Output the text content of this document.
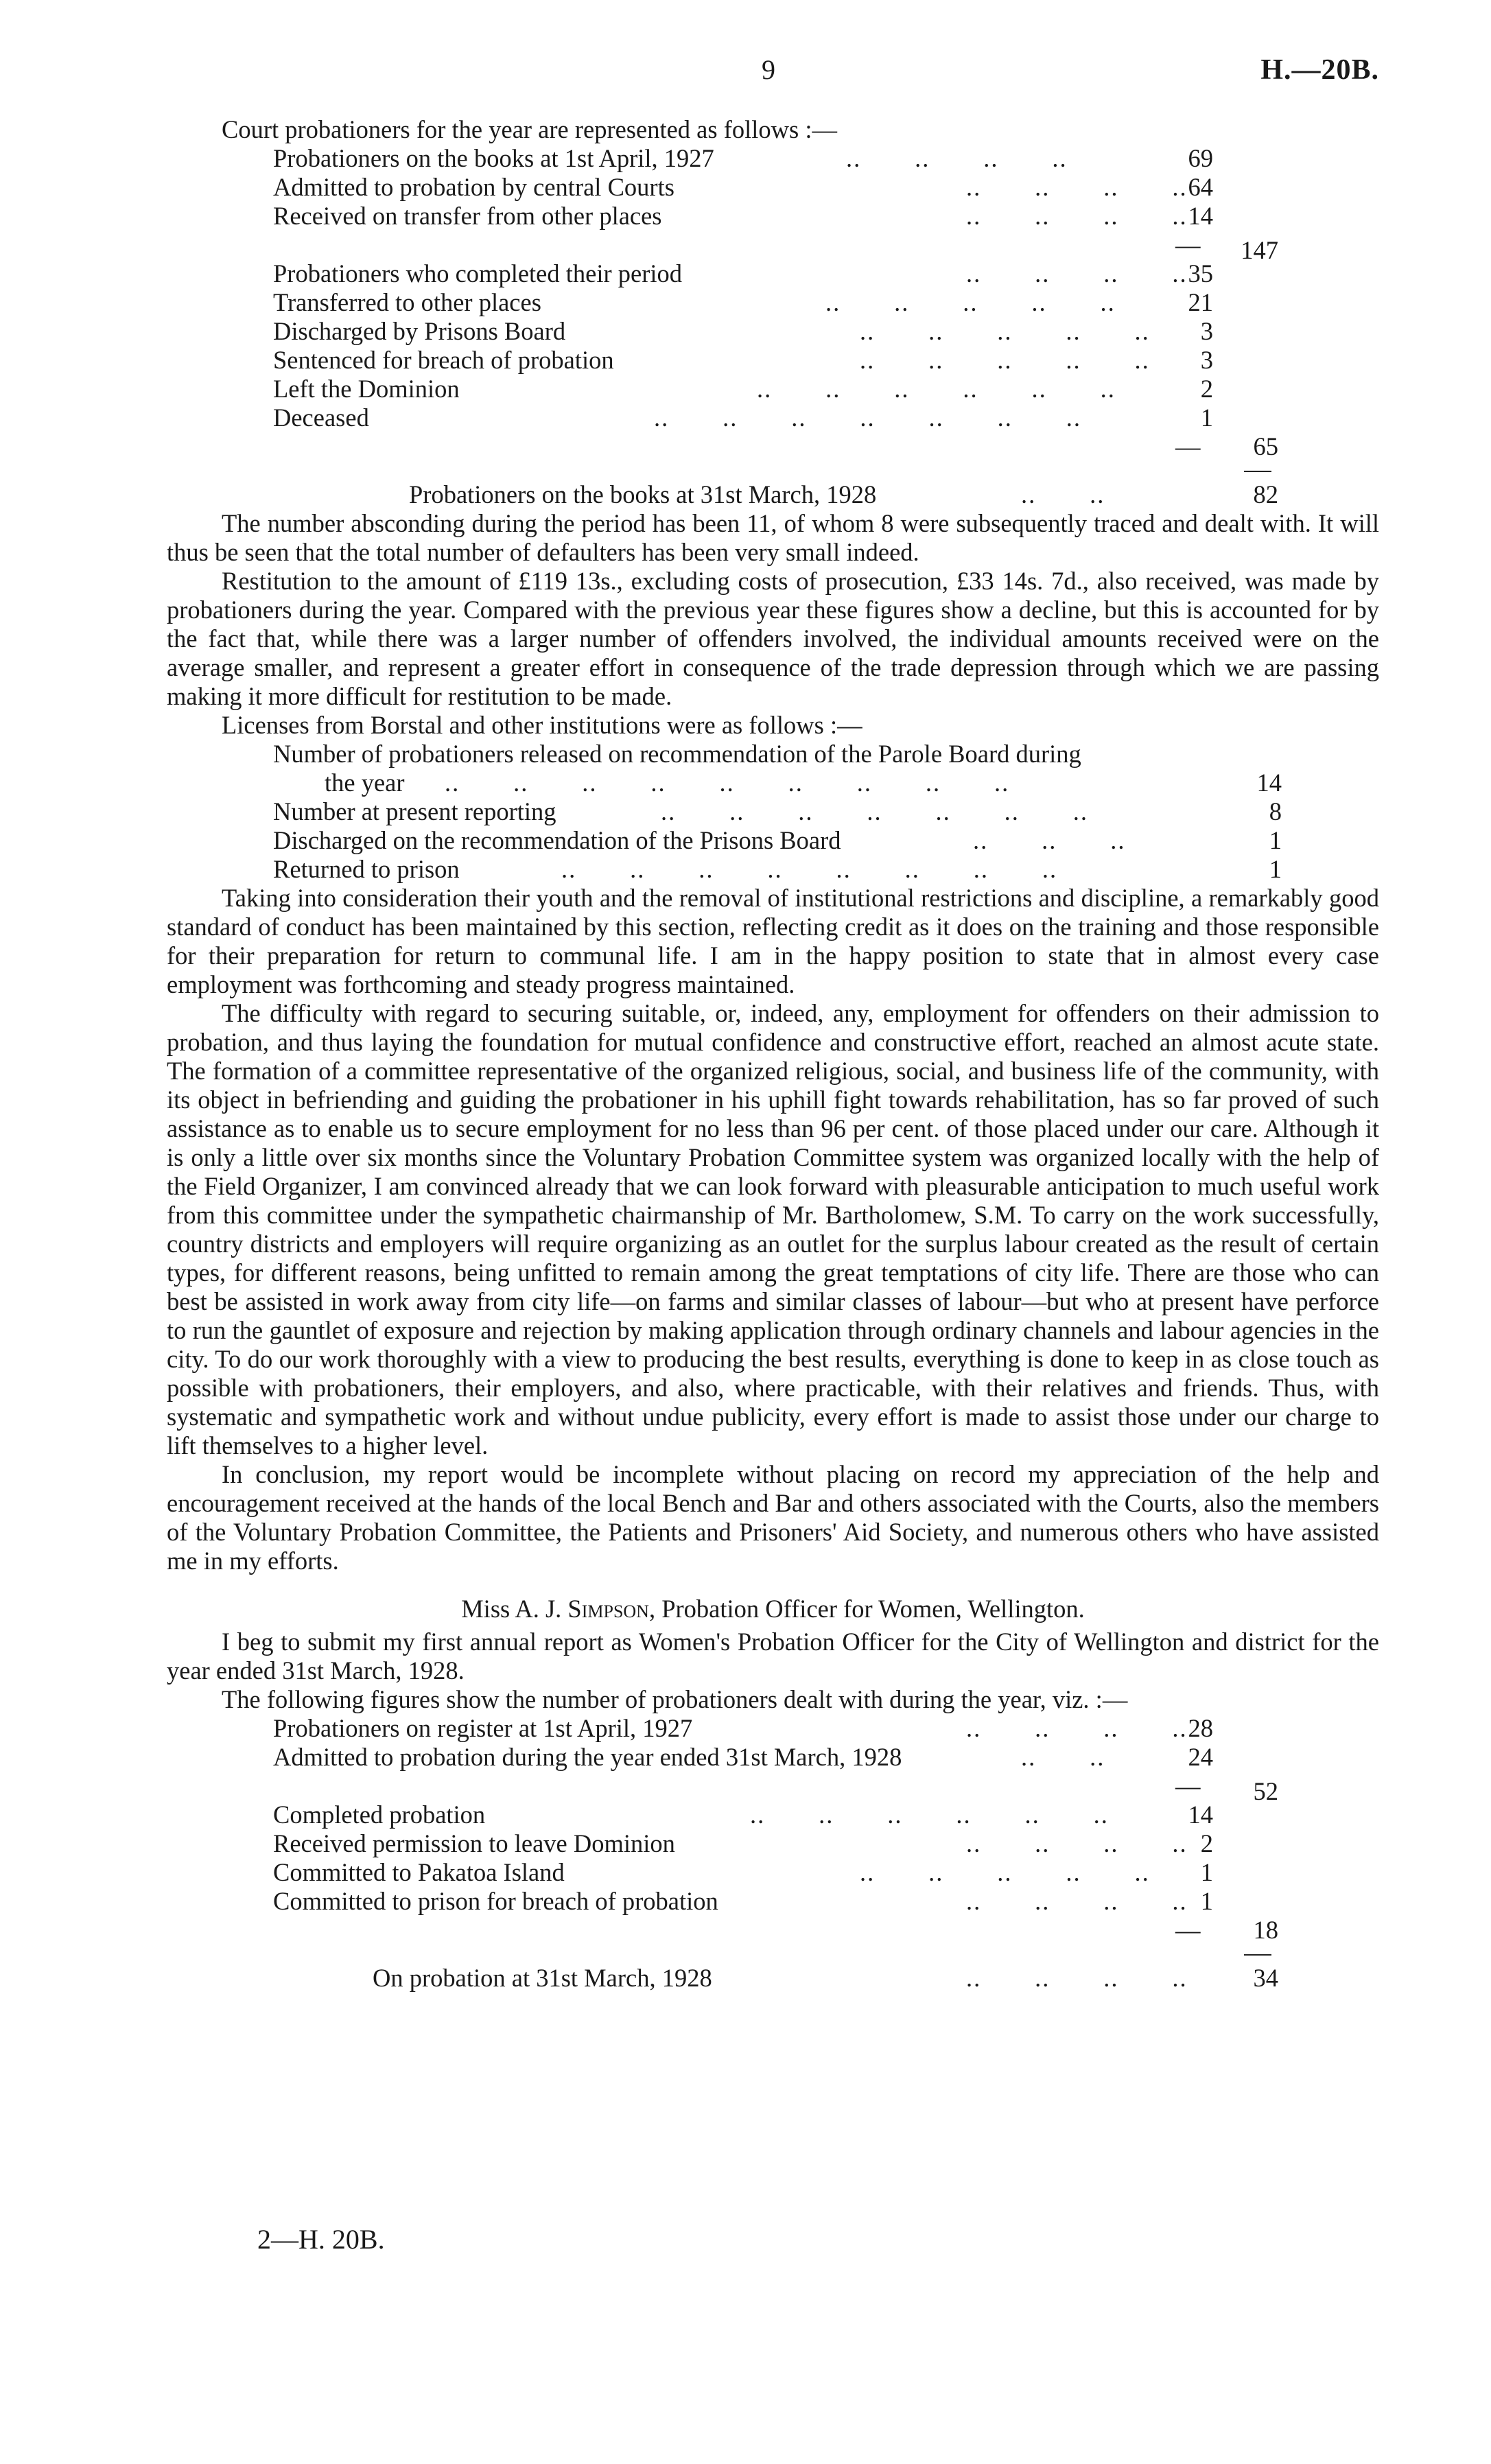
9	H.—20B.
Court probationers for the year are represented as follows :—
Probationers on the books at 1st April, 1927	..       ..       ..       ..	69
Admitted to probation by central Courts	..       ..       ..       .. 64
Received on transfer from other places	..       ..       ..       .. 14
—	147
Probationers who completed their period	..       ..       ..       .. 35
Transferred to other places	..       ..       ..       ..       ..	21
Discharged by Prisons Board	..       ..       ..       ..       ..	3
Sentenced for breach of probation	..       ..       ..       ..       ..	3
Left the Dominion	..       ..       ..       ..       ..       ..	2
Deceased	..       ..       ..       ..       ..       ..       ..	1
—	65
Probationers on the books at 31st March, 1928	..       ..	82

The number absconding during the period has been 11, of whom 8 were subsequently traced and dealt with. It will thus be seen that the total number of defaulters has been very small indeed.

Restitution to the amount of £119 13s., excluding costs of prosecution, £33 14s. 7d., also received, was made by probationers during the year. Compared with the previous year these figures show a decline, but this is accounted for by the fact that, while there was a larger number of offenders involved, the individual amounts received were on the average smaller, and represent a greater effort in consequence of the trade depression through which we are passing making it more difficult for restitution to be made.

Licenses from Borstal and other institutions were as follows :—
Number of probationers released on recommendation of the Parole Board during
the year ..       ..       ..       ..       ..       ..       ..       ..       ..	14
Number at present reporting	..       ..       ..       ..       ..       ..       ..	8
Discharged on the recommendation of the Prisons Board	..       ..       ..	1
Returned to prison	..       ..       ..       ..       ..       ..       ..       ..	1

Taking into consideration their youth and the removal of institutional restrictions and discipline, a remarkably good standard of conduct has been maintained by this section, reflecting credit as it does on the training and those responsible for their preparation for return to communal life. I am in the happy position to state that in almost every case employment was forthcoming and steady progress maintained.

The difficulty with regard to securing suitable, or, indeed, any, employment for offenders on their admission to probation, and thus laying the foundation for mutual confidence and constructive effort, reached an almost acute state. The formation of a committee representative of the organized religious, social, and business life of the community, with its object in befriending and guiding the probationer in his uphill fight towards rehabilitation, has so far proved of such assistance as to enable us to secure employment for no less than 96 per cent. of those placed under our care. Although it is only a little over six months since the Voluntary Probation Committee system was organized locally with the help of the Field Organizer, I am convinced already that we can look forward with pleasurable anticipation to much useful work from this committee under the sympathetic chairmanship of Mr. Bartholomew, S.M. To carry on the work successfully, country districts and employers will require organizing as an outlet for the surplus labour created as the result of certain types, for different reasons, being unfitted to remain among the great temptations of city life. There are those who can best be assisted in work away from city life—on farms and similar classes of labour—but who at present have perforce to run the gauntlet of exposure and rejection by making application through ordinary channels and labour agencies in the city. To do our work thoroughly with a view to producing the best results, everything is done to keep in as close touch as possible with probationers, their employers, and also, where practicable, with their relatives and friends. Thus, with systematic and sympathetic work and without undue publicity, every effort is made to assist those under our charge to lift themselves to a higher level.

In conclusion, my report would be incomplete without placing on record my appreciation of the help and encouragement received at the hands of the local Bench and Bar and others associated with the Courts, also the members of the Voluntary Probation Committee, the Patients and Prisoners' Aid Society, and numerous others who have assisted me in my efforts.

Miss A. J. Simpson, Probation Officer for Women, Wellington.

I beg to submit my first annual report as Women's Probation Officer for the City of Wellington and district for the year ended 31st March, 1928.

The following figures show the number of probationers dealt with during the year, viz. :—
Probationers on register at 1st April, 1927	..       ..       ..       .. 28
Admitted to probation during the year ended 31st March, 1928	..       ..	24
—	52
Completed probation	..       ..       ..       ..       ..       ..	14
Received permission to leave Dominion	..       ..       ..       .. 2
Committed to Pakatoa Island	..       ..       ..       ..       ..	1
Committed to prison for breach of probation	..       ..       ..       .. 1
—	18
On probation at 31st March, 1928	..       ..       ..       ..	34
2—H. 20B.
